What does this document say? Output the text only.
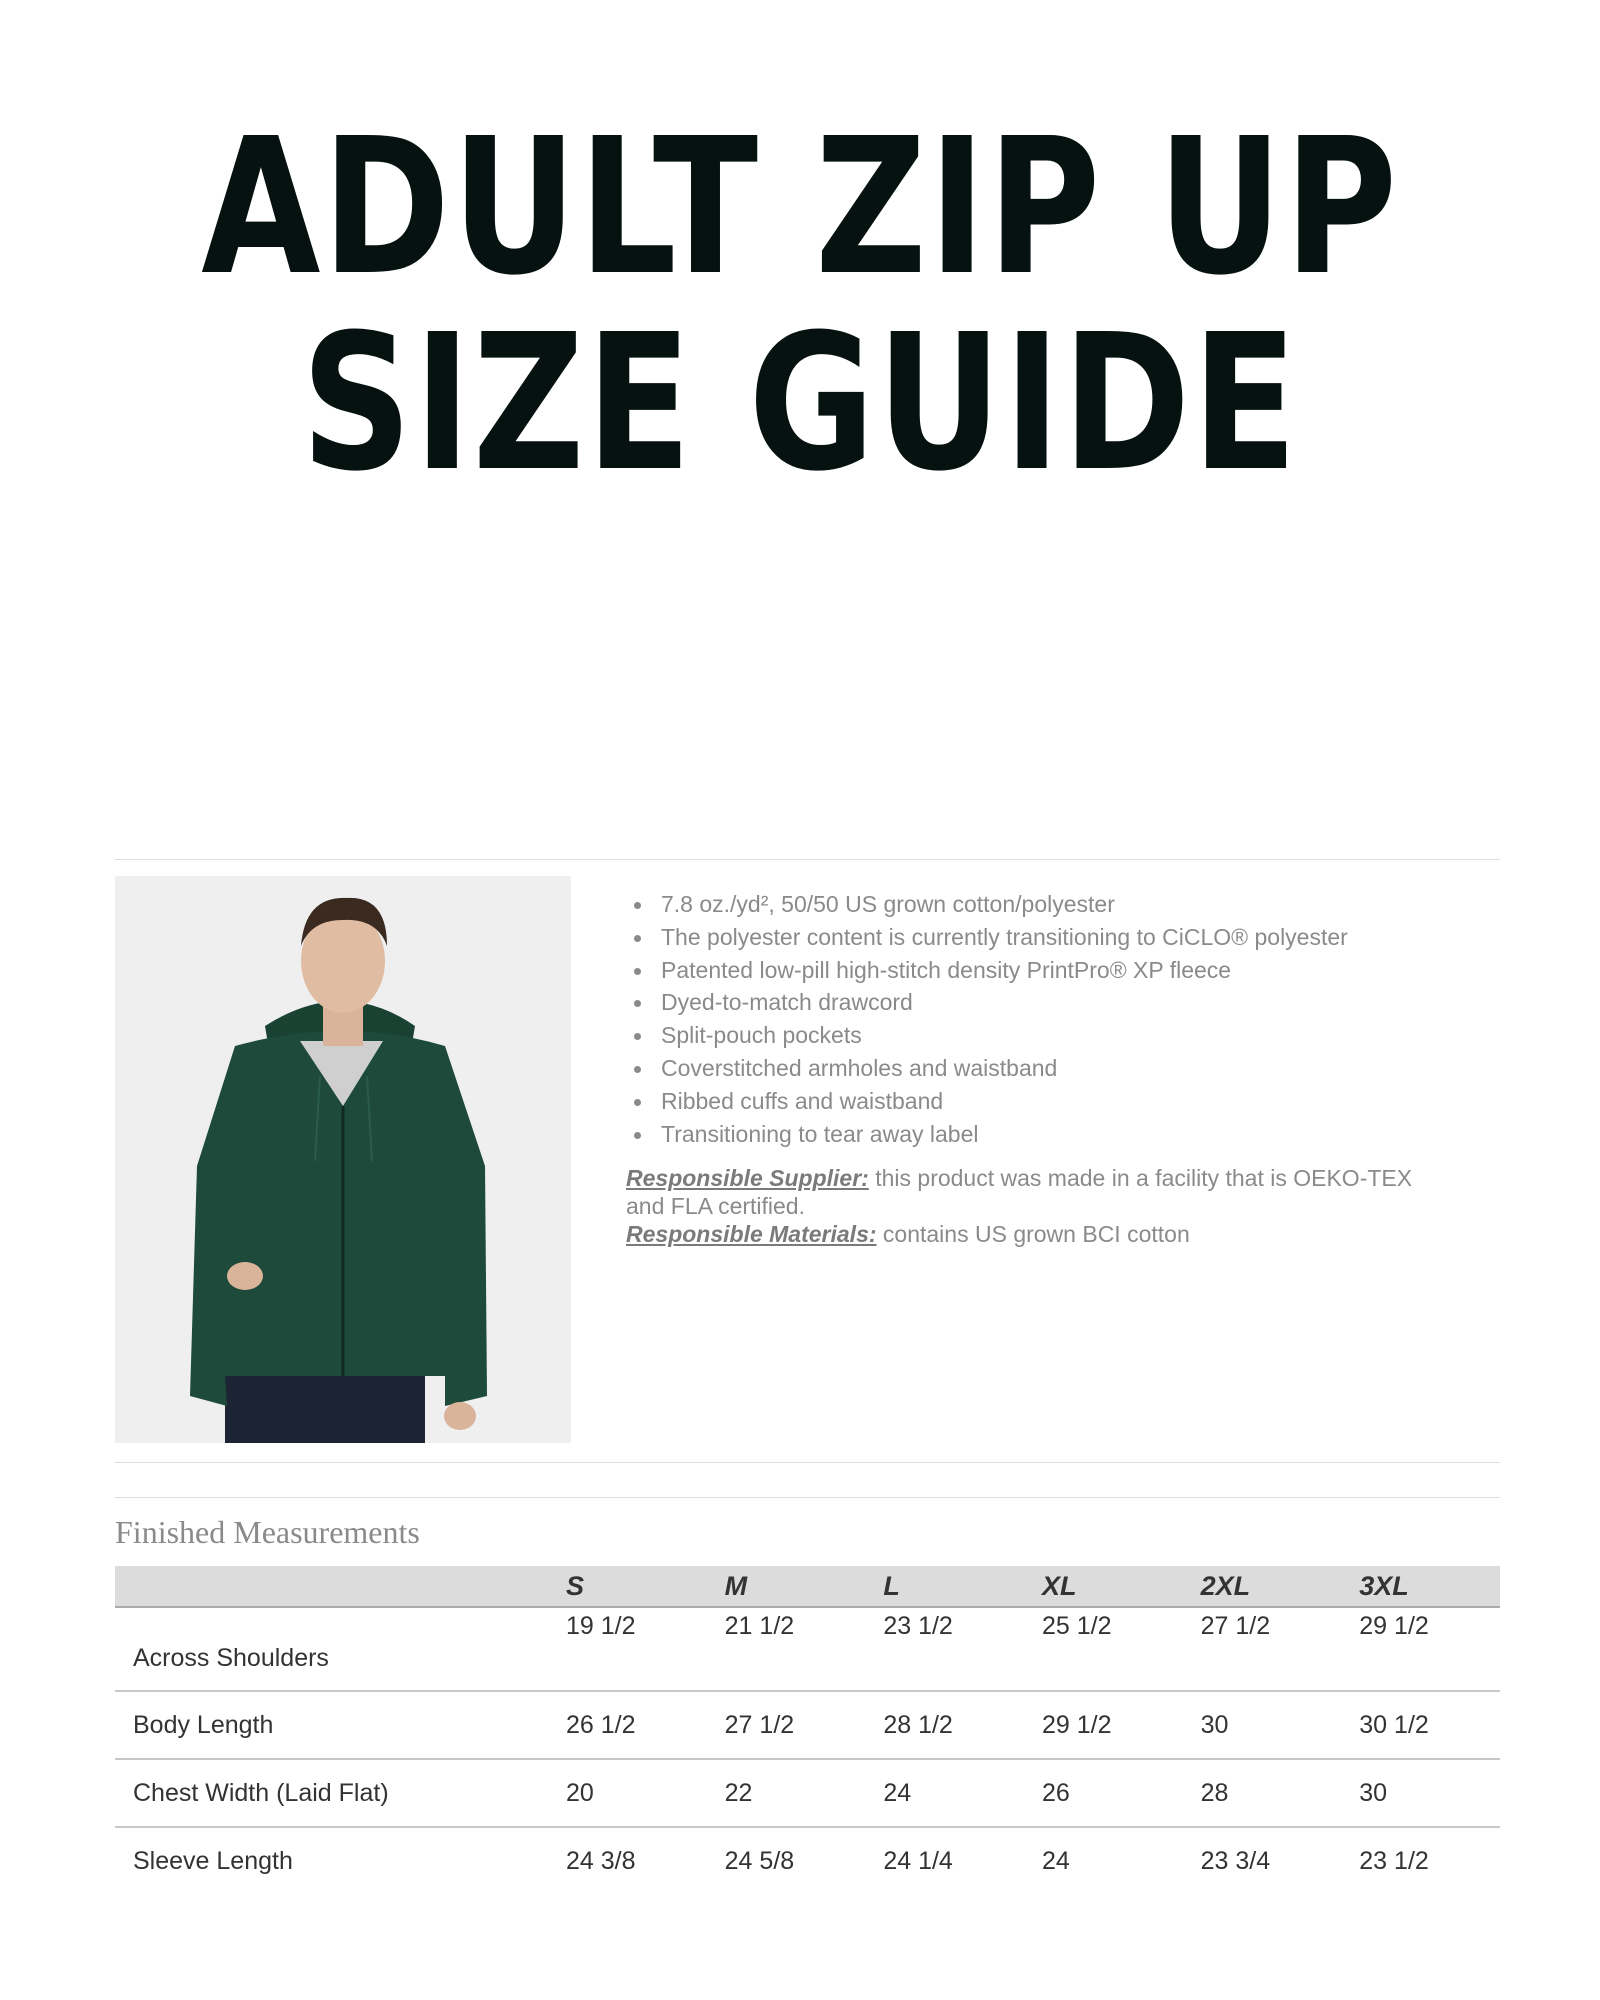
ADULT ZIP UP
SIZE GUIDE
7.8 oz./yd², 50/50 US grown cotton/polyester
The polyester content is currently transitioning to CiCLO® polyester
Patented low-pill high-stitch density PrintPro® XP fleece
Dyed-to-match drawcord
Split-pouch pockets
Coverstitched armholes and waistband
Ribbed cuffs and waistband
Transitioning to tear away label
Responsible Supplier: this product was made in a facility that is OEKO-TEX and FLA certified.
Responsible Materials: contains US grown BCI cotton
Finished Measurements
	S	M	L	XL	2XL	3XL
Across Shoulders	19 1/2	21 1/2	23 1/2	25 1/2	27 1/2	29 1/2
Body Length	26 1/2	27 1/2	28 1/2	29 1/2	30	30 1/2
Chest Width (Laid Flat)	20	22	24	26	28	30
Sleeve Length	24 3/8	24 5/8	24 1/4	24	23 3/4	23 1/2
